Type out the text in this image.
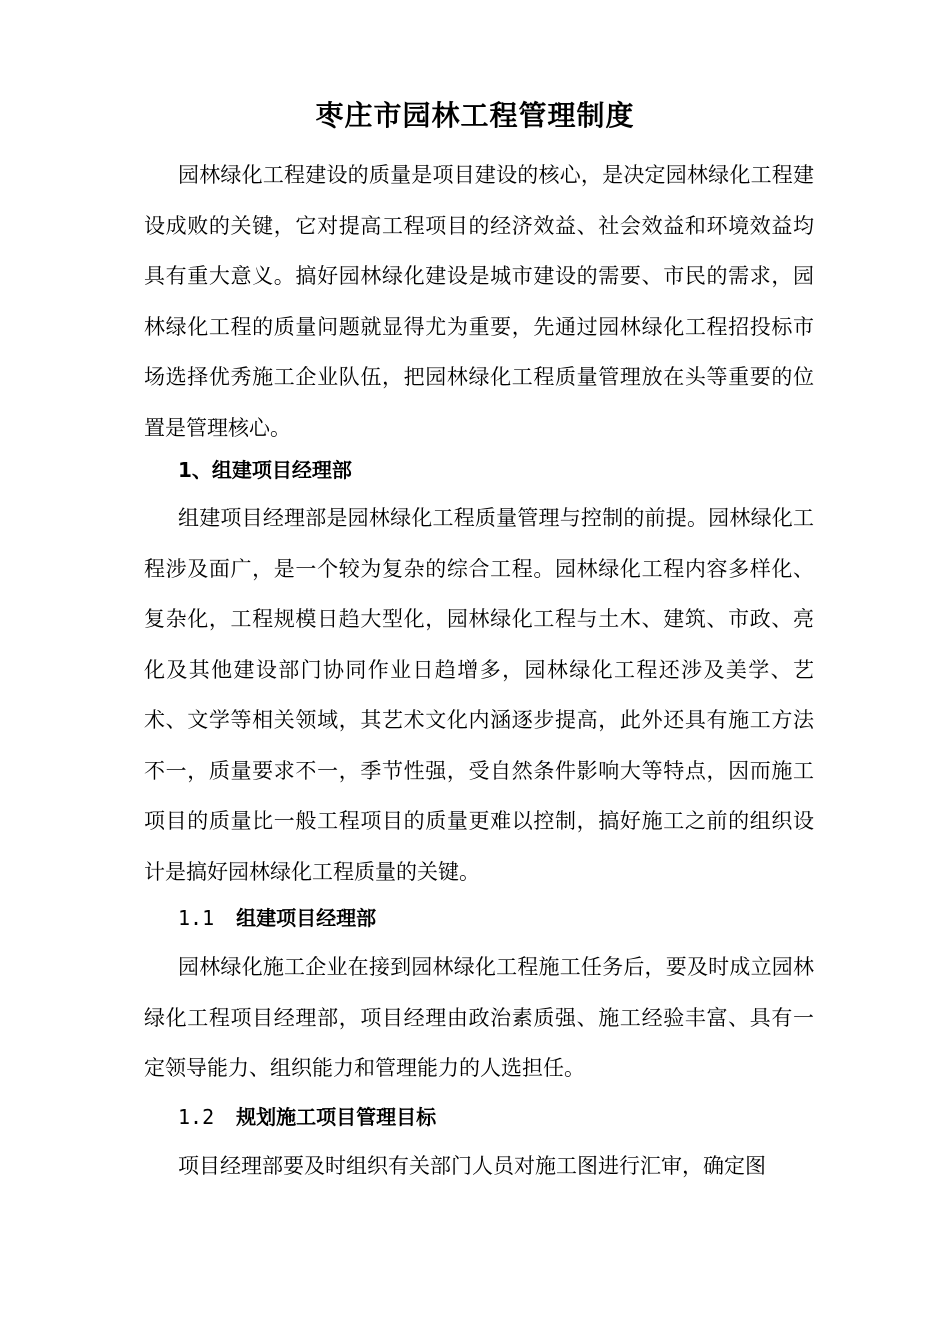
枣庄市园林工程管理制度
园林绿化工程建设的质量是项目建设的核心，是决定园林绿化工程建设成败的关键，它对提高工程项目的经济效益、社会效益和环境效益均具有重大意义。搞好园林绿化建设是城市建设的需要、市民的需求，园林绿化工程的质量问题就显得尤为重要，先通过园林绿化工程招投标市场选择优秀施工企业队伍，把园林绿化工程质量管理放在头等重要的位置是管理核心。
1、组建项目经理部
组建项目经理部是园林绿化工程质量管理与控制的前提。园林绿化工程涉及面广，是一个较为复杂的综合工程。园林绿化工程内容多样化、复杂化，工程规模日趋大型化，园林绿化工程与土木、建筑、市政、亮化及其他建设部门协同作业日趋增多，园林绿化工程还涉及美学、艺术、文学等相关领域，其艺术文化内涵逐步提高，此外还具有施工方法不一，质量要求不一，季节性强，受自然条件影响大等特点，因而施工项目的质量比一般工程项目的质量更难以控制，搞好施工之前的组织设计是搞好园林绿化工程质量的关键。
1.1 组建项目经理部
园林绿化施工企业在接到园林绿化工程施工任务后，要及时成立园林绿化工程项目经理部，项目经理由政治素质强、施工经验丰富、具有一定领导能力、组织能力和管理能力的人选担任。
1.2 规划施工项目管理目标
项目经理部要及时组织有关部门人员对施工图进行汇审，确定图
